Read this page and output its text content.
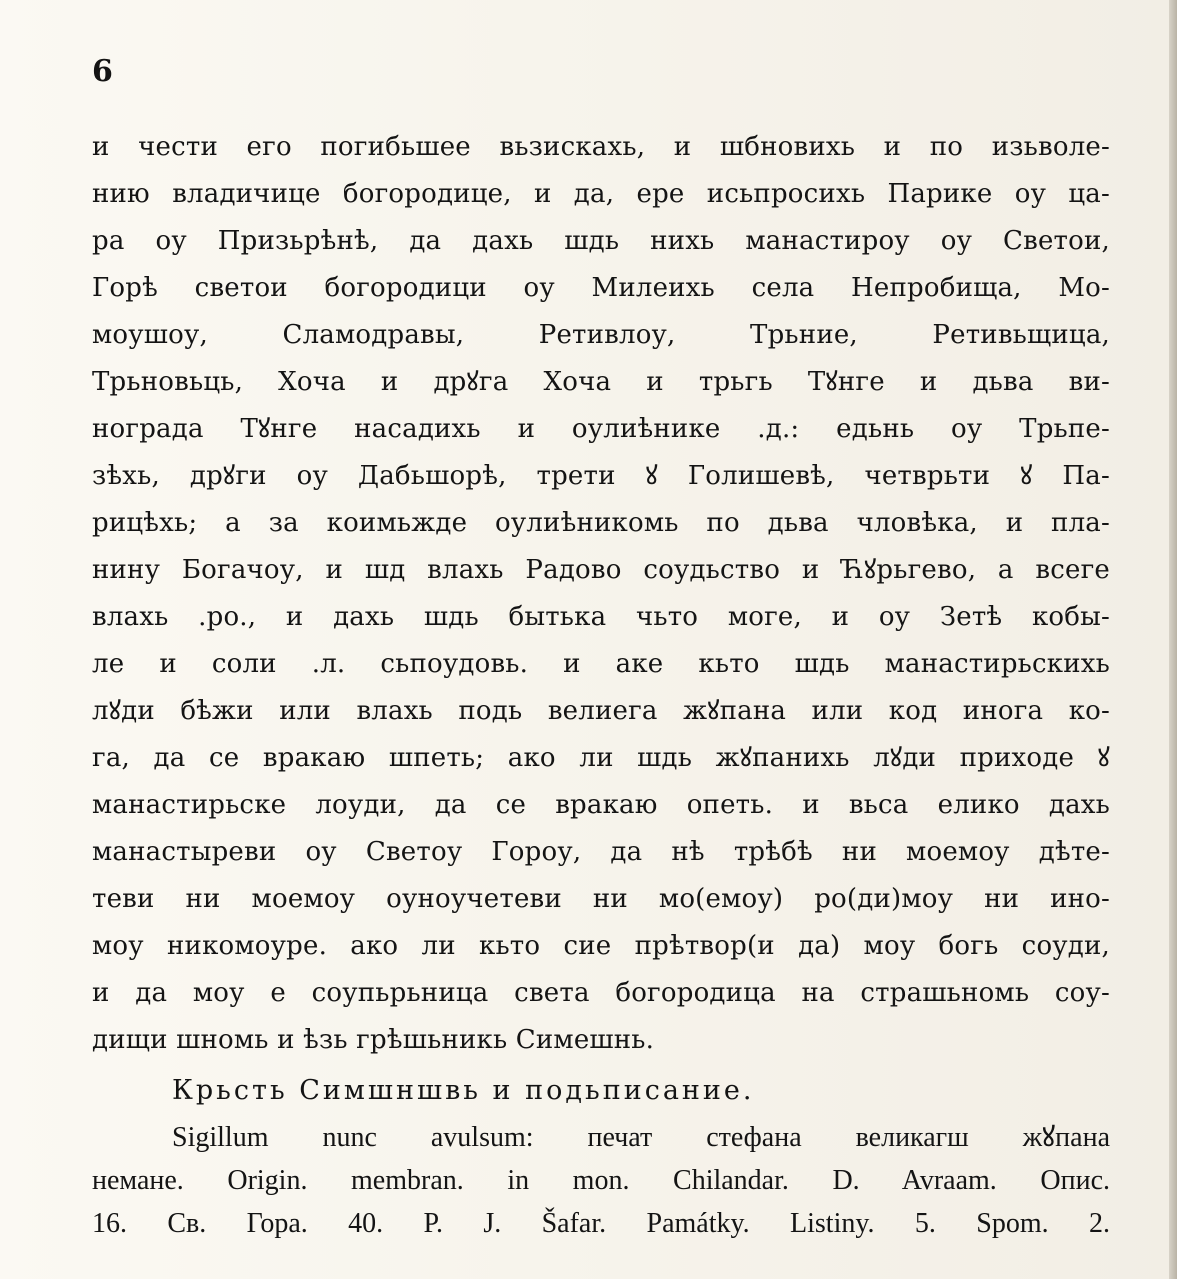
6
и чести его погибьшее вьзискахь, и шбновихь и по изьволе-
нию владичице богородице, и да, ере исьпросихь Парике оу ца-
ра оу Призьрѣнѣ, да дахь шдь нихь манастироу оу Светои,
Горѣ светои богородици оу Милеихь села Непробища, Мо-
моушоу, Сламодравы, Ретивлоу, Трьние, Ретивьщица,
Трьновьць, Хоча и дрꙋга Хоча и трьгь Тꙋнге и дьва ви-
нограда Тꙋнге насадихь и оулиѣнике .д.: едьнь оу Трьпе-
зѣхь, дрꙋги оу Дабьшорѣ, трети ꙋ Голишевѣ, четврьти ꙋ Па-
рицѣхь; а за коимьжде оулиѣникомь по дьва чловѣка, и пла-
нину Богачоу, и шд влахь Радово соудьство и Ћꙋрьгево, а всеге
влахь .ро., и дахь шдь бытька чьто моге, и оу Зетѣ кобы-
ле и соли .л. сьпоудовь. и аке кьто шдь манастирьскихь
лꙋди бѣжи или влахь подь велиега жꙋпана или код инога ко-
га, да се вракаю шпеть; ако ли шдь жꙋпанихь лꙋди приходе ꙋ
манастирьске лоуди, да се вракаю опеть. и вьса елико дахь
манастыреви оу Светоу Гороу, да нѣ трѣбѣ ни моемоу дѣте-
теви ни моемоу оуноучетеви ни мо(емоу) ро(ди)моу ни ино-
моу никомоуре. ако ли кьто сие прѣтвор(и да) моу богь соуди,
и да моу е соупьрьница света богородица на страшьномь соу-
дищи шномь и ѣзь грѣшьникь Симешнь.
Крьсть Симшншвь и подьписание.
Sigillum nunc avulsum: печат стефана великагш жꙋпана
немане. Origin. membran. in mon. Chilandar. D. Avraam. Опис.
16. Св. Гора. 40. P. J. Šafar. Památky. Listiny. 5. Spom. 2.
